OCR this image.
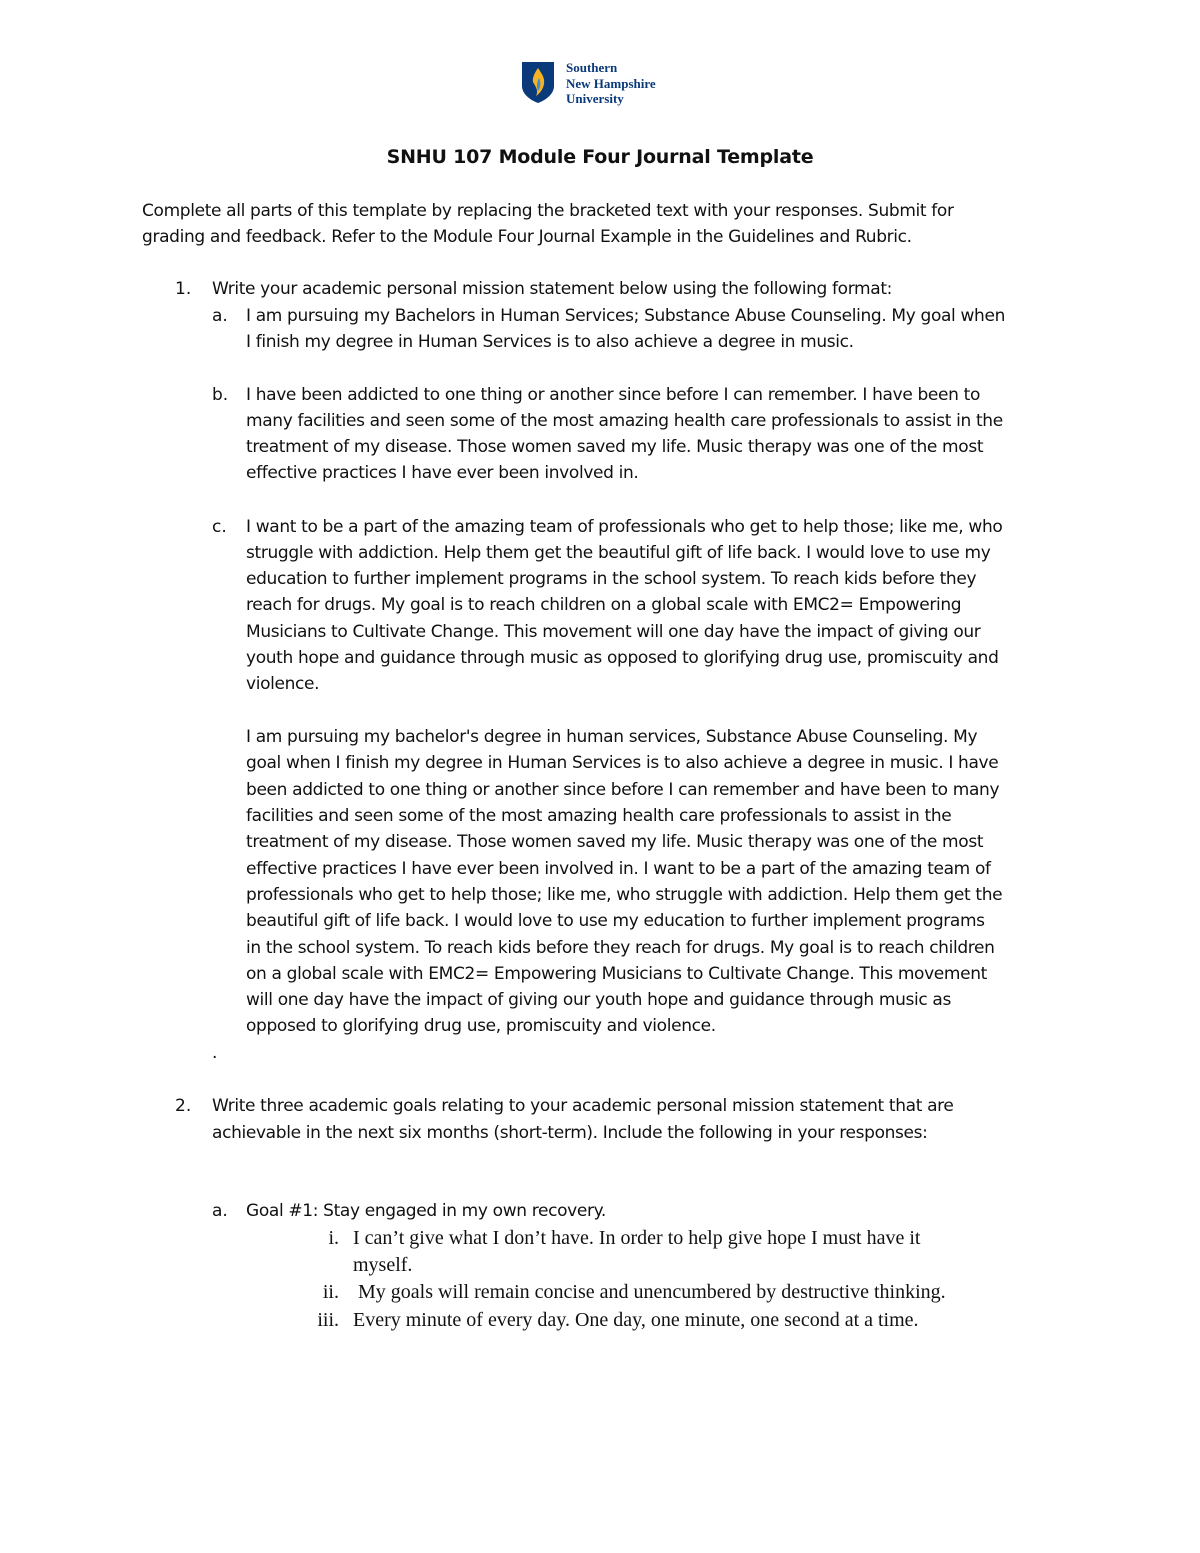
Southern
New Hampshire
University
SNHU 107 Module Four Journal Template
Complete all parts of this template by replacing the bracketed text with your responses. Submit for
grading and feedback. Refer to the Module Four Journal Example in the Guidelines and Rubric.
1. Write your academic personal mission statement below using the following format:
a. I am pursuing my Bachelors in Human Services; Substance Abuse Counseling. My goal when
I finish my degree in Human Services is to also achieve a degree in music.
b. I have been addicted to one thing or another since before I can remember. I have been to
many facilities and seen some of the most amazing health care professionals to assist in the
treatment of my disease. Those women saved my life. Music therapy was one of the most
effective practices I have ever been involved in.
c. I want to be a part of the amazing team of professionals who get to help those; like me, who
struggle with addiction. Help them get the beautiful gift of life back. I would love to use my
education to further implement programs in the school system. To reach kids before they
reach for drugs. My goal is to reach children on a global scale with EMC2= Empowering
Musicians to Cultivate Change. This movement will one day have the impact of giving our
youth hope and guidance through music as opposed to glorifying drug use, promiscuity and
violence.
I am pursuing my bachelor's degree in human services, Substance Abuse Counseling. My
goal when I finish my degree in Human Services is to also achieve a degree in music. I have
been addicted to one thing or another since before I can remember and have been to many
facilities and seen some of the most amazing health care professionals to assist in the
treatment of my disease. Those women saved my life. Music therapy was one of the most
effective practices I have ever been involved in. I want to be a part of the amazing team of
professionals who get to help those; like me, who struggle with addiction. Help them get the
beautiful gift of life back. I would love to use my education to further implement programs
in the school system. To reach kids before they reach for drugs. My goal is to reach children
on a global scale with EMC2= Empowering Musicians to Cultivate Change. This movement
will one day have the impact of giving our youth hope and guidance through music as
opposed to glorifying drug use, promiscuity and violence.
.
2. Write three academic goals relating to your academic personal mission statement that are
achievable in the next six months (short-term). Include the following in your responses:
a. Goal #1: Stay engaged in my own recovery.
i. I can’t give what I don’t have. In order to help give hope I must have it
myself.
ii. My goals will remain concise and unencumbered by destructive thinking.
iii. Every minute of every day. One day, one minute, one second at a time.
